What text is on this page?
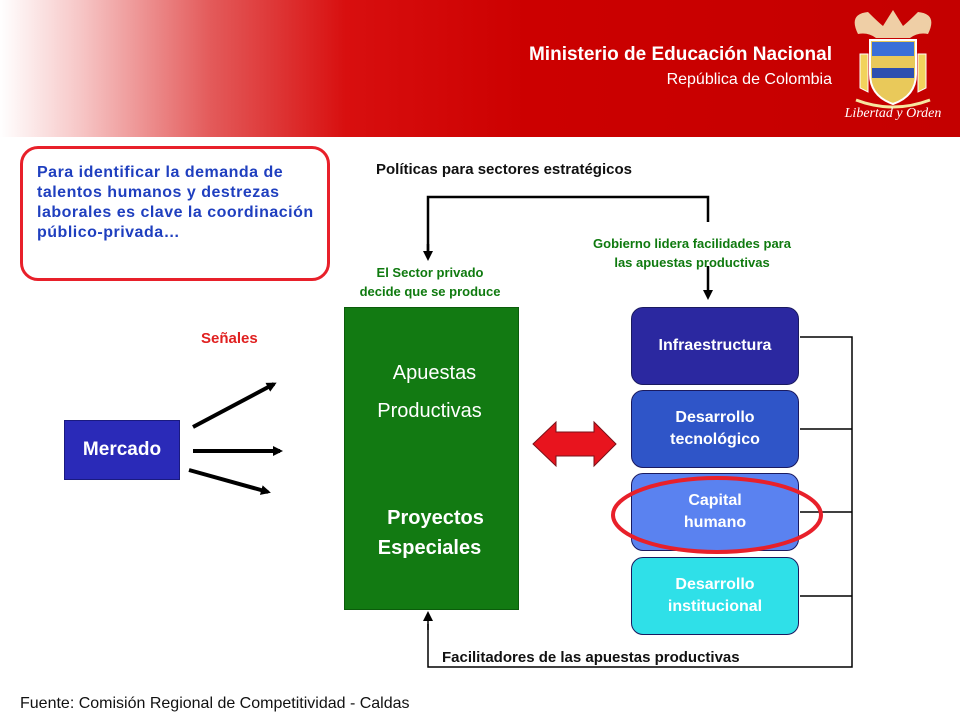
Ministerio de Educación Nacional
República de Colombia
Libertad y Orden
Para identificar la demanda de talentos humanos y destrezas laborales es clave la coordinación público-privada…
Políticas para sectores estratégicos
Gobierno lidera facilidades para
las apuestas productivas
El Sector privado
decide que se produce
Señales
Mercado
Apuestas
Productivas
Proyectos
Especiales
Infraestructura
Desarrollo
tecnológico
Capital
humano
Desarrollo
institucional
Facilitadores de las apuestas productivas
Fuente: Comisión Regional de Competitividad - Caldas
